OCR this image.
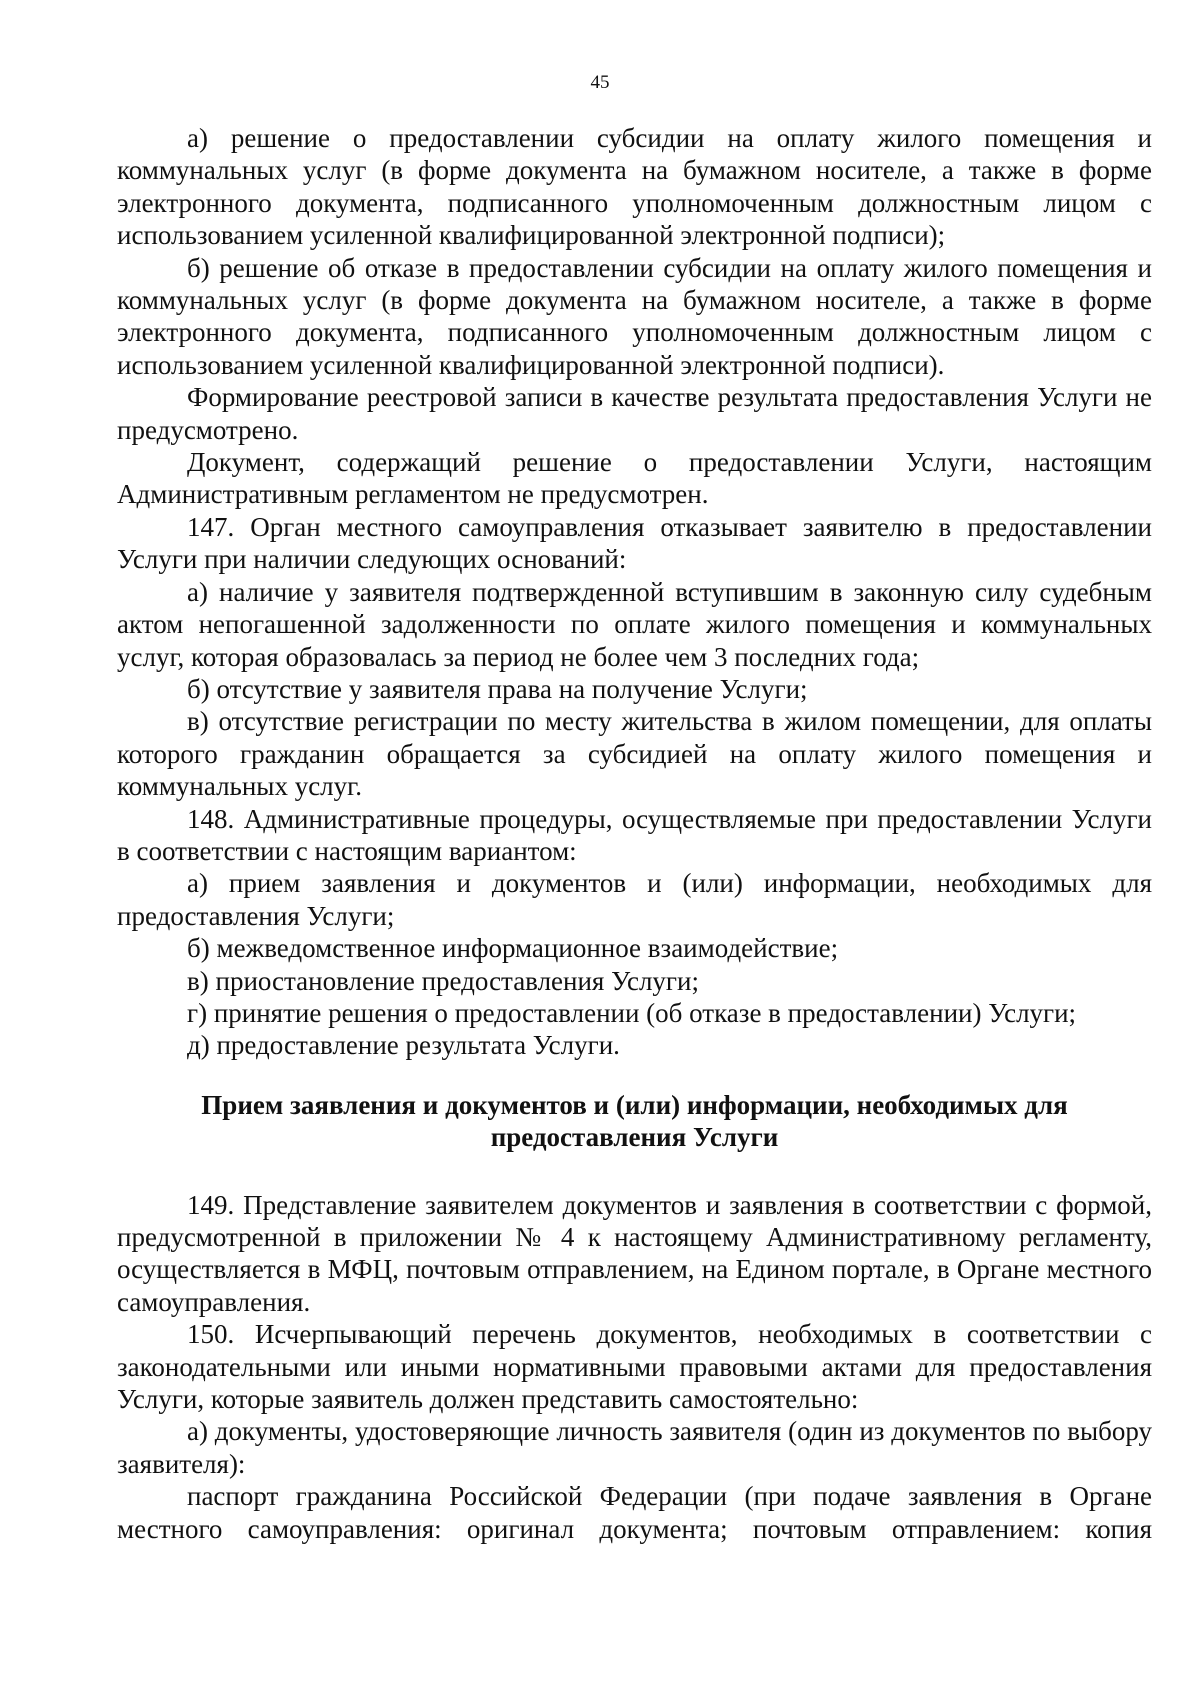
45

а) решение о предоставлении субсидии на оплату жилого помещения и коммунальных услуг (в форме документа на бумажном носителе, а также в форме электронного документа, подписанного уполномоченным должностным лицом с использованием усиленной квалифицированной электронной подписи);

б) решение об отказе в предоставлении субсидии на оплату жилого помещения и коммунальных услуг (в форме документа на бумажном носителе, а также в форме электронного документа, подписанного уполномоченным должностным лицом с использованием усиленной квалифицированной электронной подписи).

Формирование реестровой записи в качестве результата предоставления Услуги не предусмотрено.

Документ, содержащий решение о предоставлении Услуги, настоящим Административным регламентом не предусмотрен.

147. Орган местного самоуправления отказывает заявителю в предоставлении Услуги при наличии следующих оснований:

а) наличие у заявителя подтвержденной вступившим в законную силу судебным актом непогашенной задолженности по оплате жилого помещения и коммунальных услуг, которая образовалась за период не более чем 3 последних года;

б) отсутствие у заявителя права на получение Услуги;

в) отсутствие регистрации по месту жительства в жилом помещении, для оплаты которого гражданин обращается за субсидией на оплату жилого помещения и коммунальных услуг.

148. Административные процедуры, осуществляемые при предоставлении Услуги в соответствии с настоящим вариантом:

а) прием заявления и документов и (или) информации, необходимых для предоставления Услуги;

б) межведомственное информационное взаимодействие;

в) приостановление предоставления Услуги;

г) принятие решения о предоставлении (об отказе в предоставлении) Услуги;

д) предоставление результата Услуги.

Прием заявления и документов и (или) информации, необходимых для предоставления Услуги

149. Представление заявителем документов и заявления в соответствии с формой, предусмотренной в приложении № 4 к настоящему Административному регламенту, осуществляется в МФЦ, почтовым отправлением, на Едином портале, в Органе местного самоуправления.

150. Исчерпывающий перечень документов, необходимых в соответствии с законодательными или иными нормативными правовыми актами для предоставления Услуги, которые заявитель должен представить самостоятельно:

а) документы, удостоверяющие личность заявителя (один из документов по выбору заявителя):

паспорт гражданина Российской Федерации (при подаче заявления в Органе местного самоуправления: оригинал документа; почтовым отправлением: копия
